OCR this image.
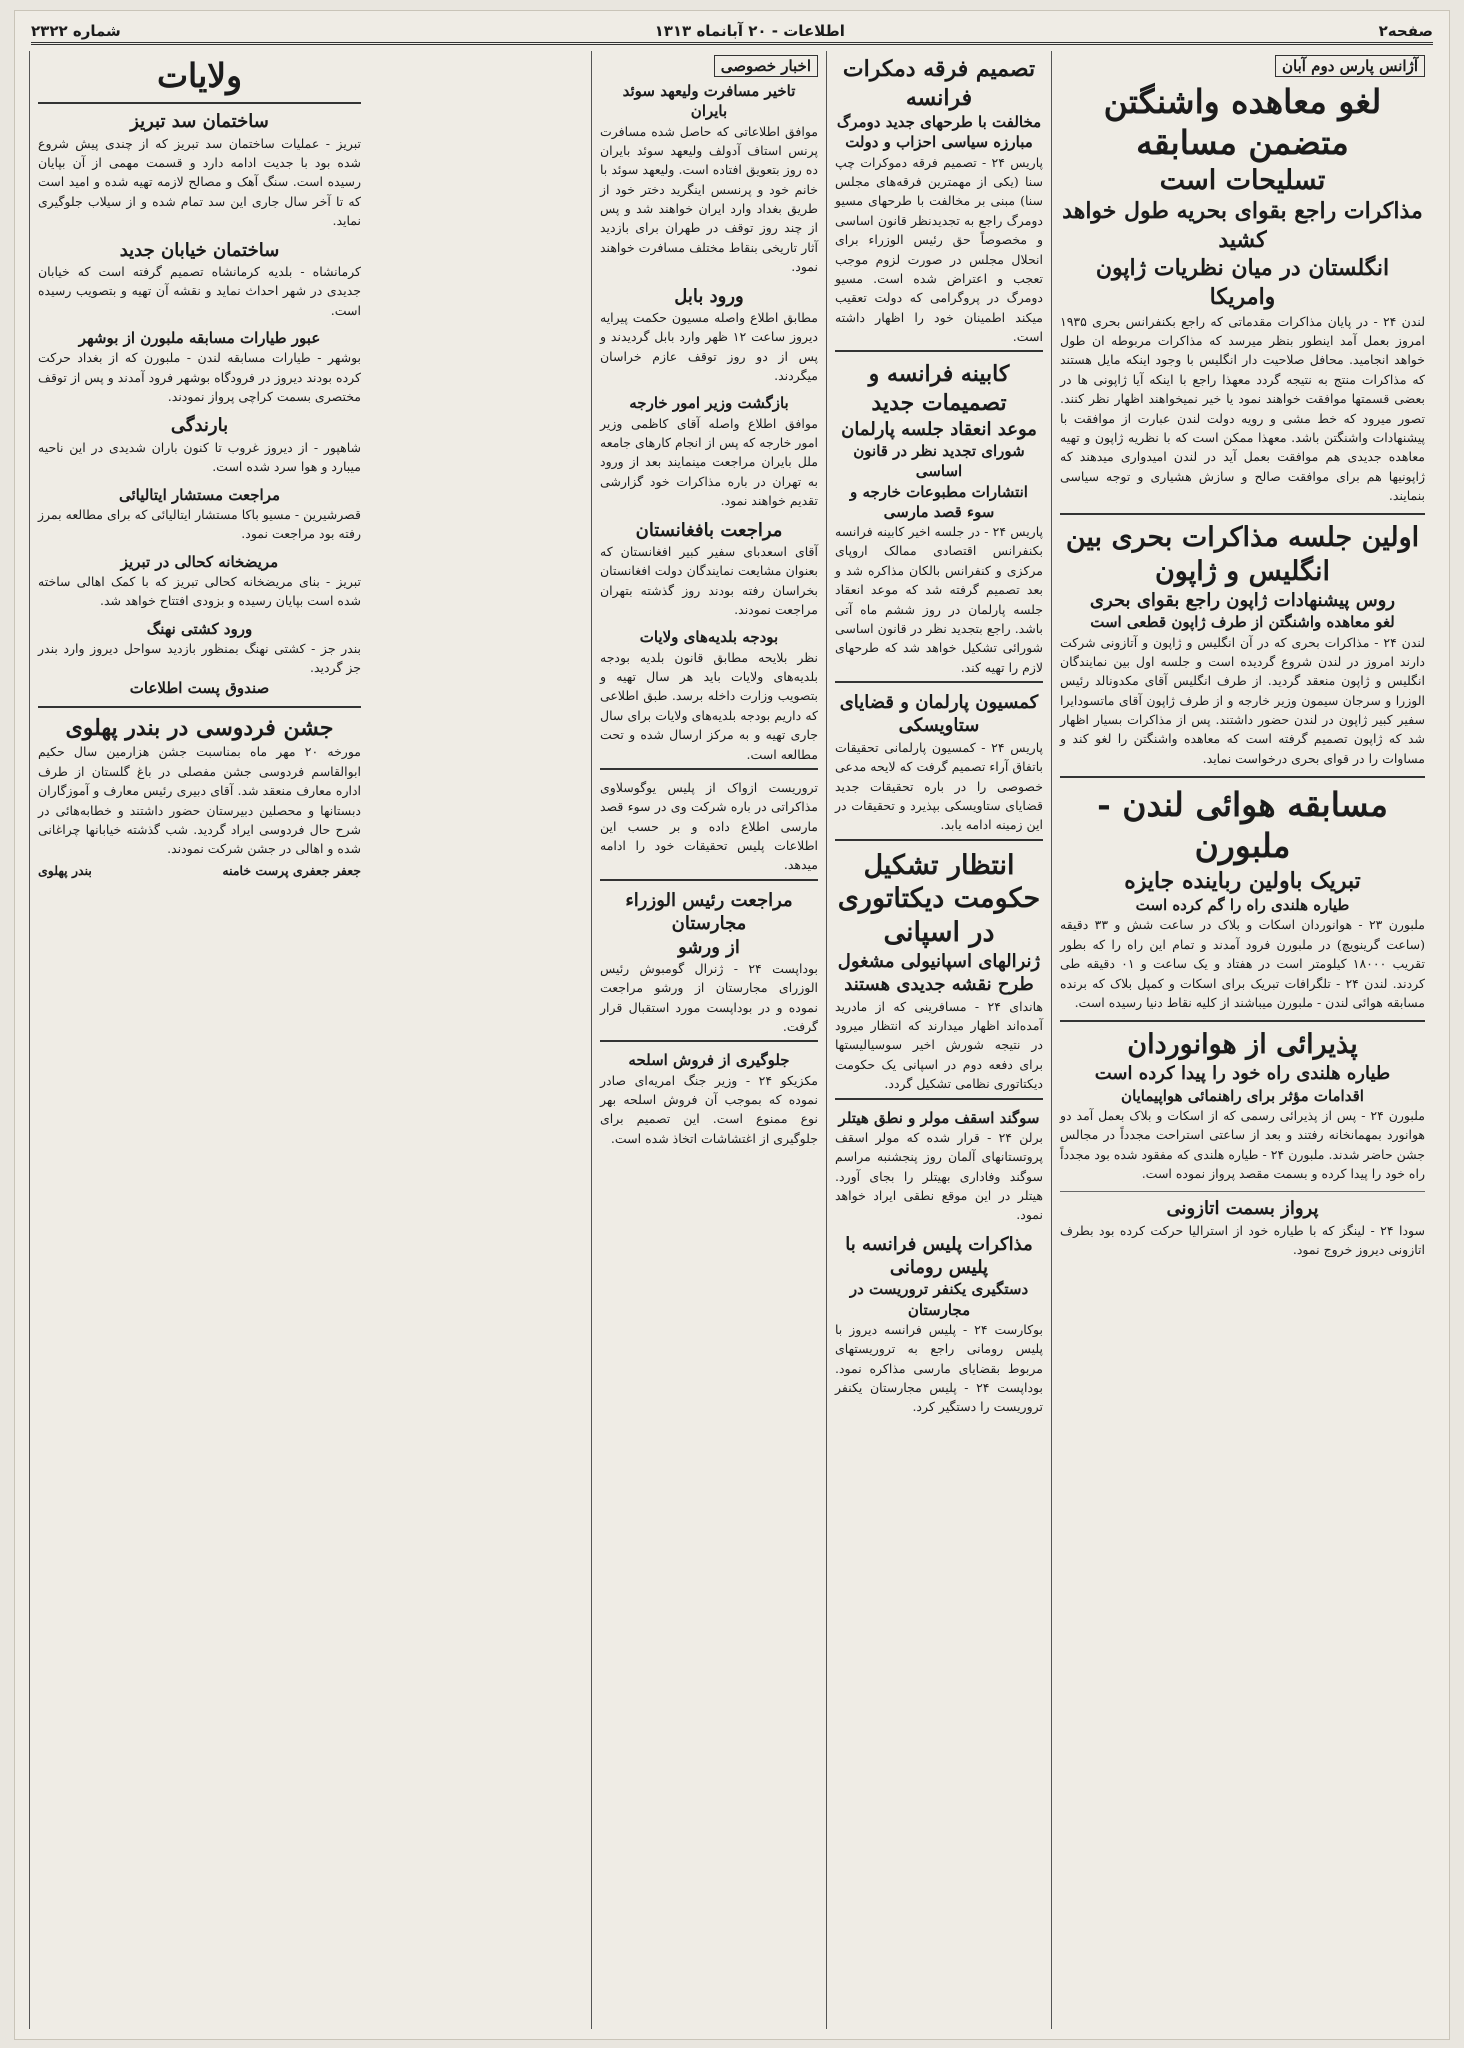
صفحه۲
اطلاعات - ۲۰ آبانماه ۱۳۱۳
شماره ۲۳۲۲
آژانس پارس دوم آبان
لغو معاهده واشنگتن متضمن مسابقه
تسلیحات است
مذاکرات راجع بقوای بحریه طول خواهد کشید
انگلستان در میان نظریات ژاپون وامریکا
لندن ۲۴ - در پایان مذاکرات مقدماتی که راجع بکنفرانس بحری ۱۹۳۵ امروز بعمل آمد اینطور بنظر میرسد که مذاکرات مربوطه ان طول خواهد انجامید. محافل صلاحیت دار انگلیس با وجود اینکه مایل هستند که مذاکرات منتج به نتیجه گردد معهذا راجع با اینکه آیا ژاپونی ها در بعضی قسمتها موافقت خواهند نمود یا خیر نمیخواهند اظهار نظر کنند. تصور میرود که خط مشی و رویه دولت لندن عبارت از موافقت با پیشنهادات واشنگتن باشد. معهذا ممکن است که با نظریه ژاپون و تهیه معاهده جدیدی هم موافقت بعمل آید در لندن امیدواری میدهند که ژاپونیها هم برای موافقت صالح و سازش هشیاری و توجه سیاسی بنمایند.
اولین جلسه مذاکرات بحری بین انگلیس و ژاپون
روس پیشنهادات ژاپون راجع بقوای بحری
لغو معاهده واشنگتن از طرف ژاپون قطعی است
لندن ۲۴ - مذاکرات بحری که در آن انگلیس و ژاپون و آتازونی شرکت دارند امروز در لندن شروع گردیده است و جلسه اول بین نمایندگان انگلیس و ژاپون منعقد گردید. از طرف انگلیس آقای مکدونالد رئیس الوزرا و سرجان سیمون وزیر خارجه و از طرف ژاپون آقای ماتسودایرا سفیر کبیر ژاپون در لندن حضور داشتند. پس از مذاکرات بسیار اظهار شد که ژاپون تصمیم گرفته است که معاهده واشنگتن را لغو کند و مساوات را در قوای بحری درخواست نماید.
مسابقه هوائی لندن - ملبورن
تبریک باولین رباینده جایزه
طیاره هلندی راه را گم کرده است
ملبورن ۲۳ - هوانوردان اسکات و بلاک در ساعت شش و ۳۳ دقیقه (ساعت گرینویچ) در ملبورن فرود آمدند و تمام این راه را که بطور تقریب ۱۸۰۰۰ کیلومتر است در هفتاد و یک ساعت و ۰۱ دقیقه طی کردند. لندن ۲۴ - تلگرافات تبریک برای اسکات و کمپل بلاک که برنده مسابقه هوائی لندن - ملبورن میباشند از کلیه نقاط دنیا رسیده است.
پذیرائی از هوانوردان
طیاره هلندی راه خود را پیدا کرده است
اقدامات مؤثر برای راهنمائی هواپیمایان
ملبورن ۲۴ - پس از پذیرائی رسمی که از اسکات و بلاک بعمل آمد دو هوانورد بمهمانخانه رفتند و بعد از ساعتی استراحت مجدداً در مجالس جشن حاضر شدند. ملبورن ۲۴ - طیاره هلندی که مفقود شده بود مجدداً راه خود را پیدا کرده و بسمت مقصد پرواز نموده است.
پرواز بسمت اتازونی
سودا ۲۴ - لینگز که با طیاره خود از استرالیا حرکت کرده بود بطرف اتازونی دیروز خروج نمود.
تصمیم فرقه دمکرات فرانسه
مخالفت با طرحهای جدید دومرگ
مبارزه سیاسی احزاب و دولت
پاریس ۲۴ - تصمیم فرقه دموکرات چپ سنا (یکی از مهمترین فرقه‌های مجلس سنا) مبنی بر مخالفت با طرحهای مسیو دومرگ راجع به تجدیدنظر قانون اساسی و مخصوصاً حق رئیس الوزراء برای انحلال مجلس در صورت لزوم موجب تعجب و اعتراض شده است. مسیو دومرگ در پروگرامی که دولت تعقیب میکند اطمینان خود را اظهار داشته است.
کابینه فرانسه و تصمیمات جدید
موعد انعقاد جلسه پارلمان
شورای تجدید نظر در قانون اساسی
انتشارات مطبوعات خارجه و سوء قصد مارسی
پاریس ۲۴ - در جلسه اخیر کابینه فرانسه بکنفرانس اقتصادی ممالک اروپای مرکزی و کنفرانس بالکان مذاکره شد و بعد تصمیم گرفته شد که موعد انعقاد جلسه پارلمان در روز ششم ماه آتی باشد. راجع بتجدید نظر در قانون اساسی شورائی تشکیل خواهد شد که طرحهای لازم را تهیه کند.
کمسیون پارلمان و قضایای ستاویسکی
پاریس ۲۴ - کمسیون پارلمانی تحقیقات باتفاق آراء تصمیم گرفت که لایحه مدعی خصوصی را در باره تحقیقات جدید قضایای ستاویسکی بپذیرد و تحقیقات در این زمینه ادامه یابد.
انتظار تشکیل حکومت دیکتاتوری در اسپانی
ژنرالهای اسپانیولی مشغول طرح نقشه جدیدی هستند
هاندای ۲۴ - مسافرینی که از مادرید آمده‌اند اظهار میدارند که انتظار میرود در نتیجه شورش اخیر سوسیالیستها برای دفعه دوم در اسپانی یک حکومت دیکتاتوری نظامی تشکیل گردد.
سوگند اسقف مولر و نطق هیتلر
برلن ۲۴ - قرار شده که مولر اسقف پروتستانهای آلمان روز پنجشنبه مراسم سوگند وفاداری بهیتلر را بجای آورد. هیتلر در این موقع نطقی ایراد خواهد نمود.
مذاکرات پلیس فرانسه با پلیس رومانی
دستگیری یکنفر تروریست در مجارستان
بوکارست ۲۴ - پلیس فرانسه دیروز با پلیس رومانی راجع به تروریستهای مربوط بقضایای مارسی مذاکره نمود. بوداپست ۲۴ - پلیس مجارستان یکنفر تروریست را دستگیر کرد.
اخبار خصوصی
تاخیر مسافرت ولیعهد سوئد
بایران
موافق اطلاعاتی که حاصل شده مسافرت پرنس استاف آدولف ولیعهد سوئد بایران ده روز بتعویق افتاده است. ولیعهد سوئد با خانم خود و پرنسس اینگرید دختر خود از طریق بغداد وارد ایران خواهند شد و پس از چند روز توقف در طهران برای بازدید آثار تاریخی بنقاط مختلف مسافرت خواهند نمود.
ورود بابل
مطابق اطلاع واصله مسیون حکمت پیرایه دیروز ساعت ۱۲ ظهر وارد بابل گردیدند و پس از دو روز توقف عازم خراسان میگردند.
بازگشت وزیر امور خارجه
موافق اطلاع واصله آقای کاظمی وزیر امور خارجه که پس از انجام کارهای جامعه ملل بایران مراجعت مینمایند بعد از ورود به تهران در باره مذاکرات خود گزارشی تقدیم خواهند نمود.
مراجعت بافغانستان
آقای اسعدبای سفیر کبیر افغانستان که بعنوان مشایعت نمایندگان دولت افغانستان بخراسان رفته بودند روز گذشته بتهران مراجعت نمودند.
بودجه بلدیه‌های ولایات
نظر بلایحه مطابق قانون بلدیه بودجه بلدیه‌های ولایات باید هر سال تهیه و بتصویب وزارت داخله برسد. طبق اطلاعی که داریم بودجه بلدیه‌های ولایات برای سال جاری تهیه و به مرکز ارسال شده و تحت مطالعه است.
تروریست ازواک از پلیس یوگوسلاوی مذاکراتی در باره شرکت وی در سوء قصد مارسی اطلاع داده و بر حسب این اطلاعات پلیس تحقیقات خود را ادامه میدهد.
مراجعت رئیس الوزراء مجارستان
از ورشو
بوداپست ۲۴ - ژنرال گومبوش رئیس الوزرای مجارستان از ورشو مراجعت نموده و در بوداپست مورد استقبال قرار گرفت.
جلوگیری از فروش اسلحه
مکزیکو ۲۴ - وزیر جنگ امریه‌ای صادر نموده که بموجب آن فروش اسلحه بهر نوع ممنوع است. این تصمیم برای جلوگیری از اغتشاشات اتخاذ شده است.
ولایات
ساختمان سد تبریز
تبریز - عملیات ساختمان سد تبریز که از چندی پیش شروع شده بود با جدیت ادامه دارد و قسمت مهمی از آن بپایان رسیده است. سنگ آهک و مصالح لازمه تهیه شده و امید است که تا آخر سال جاری این سد تمام شده و از سیلاب جلوگیری نماید.
ساختمان خیابان جدید
کرمانشاه - بلدیه کرمانشاه تصمیم گرفته است که خیابان جدیدی در شهر احداث نماید و نقشه آن تهیه و بتصویب رسیده است.
عبور طیارات مسابقه ملبورن از بوشهر
بوشهر - طیارات مسابقه لندن - ملبورن که از بغداد حرکت کرده بودند دیروز در فرودگاه بوشهر فرود آمدند و پس از توقف مختصری بسمت کراچی پرواز نمودند.
بارندگی
شاهپور - از دیروز غروب تا کنون باران شدیدی در این ناحیه میبارد و هوا سرد شده است.
مراجعت مستشار ایتالیائی
قصرشیرین - مسیو باکا مستشار ایتالیائی که برای مطالعه بمرز رفته بود مراجعت نمود.
مریضخانه کحالی در تبریز
تبریز - بنای مریضخانه کحالی تبریز که با کمک اهالی ساخته شده است بپایان رسیده و بزودی افتتاح خواهد شد.
ورود کشتی نهنگ
بندر جز - کشتی نهنگ بمنظور بازدید سواحل دیروز وارد بندر جز گردید.
صندوق پست اطلاعات
جشن فردوسی در بندر پهلوی
مورخه ۲۰ مهر ماه بمناسبت جشن هزارمین سال حکیم ابوالقاسم فردوسی جشن مفصلی در باغ گلستان از طرف اداره معارف منعقد شد. آقای دبیری رئیس معارف و آموزگاران دبستانها و محصلین دبیرستان حضور داشتند و خطابه‌هائی در شرح حال فردوسی ایراد گردید. شب گذشته خیابانها چراغانی شده و اهالی در جشن شرکت نمودند.
جعفر جعفری پرست خامنه
بندر پهلوی
